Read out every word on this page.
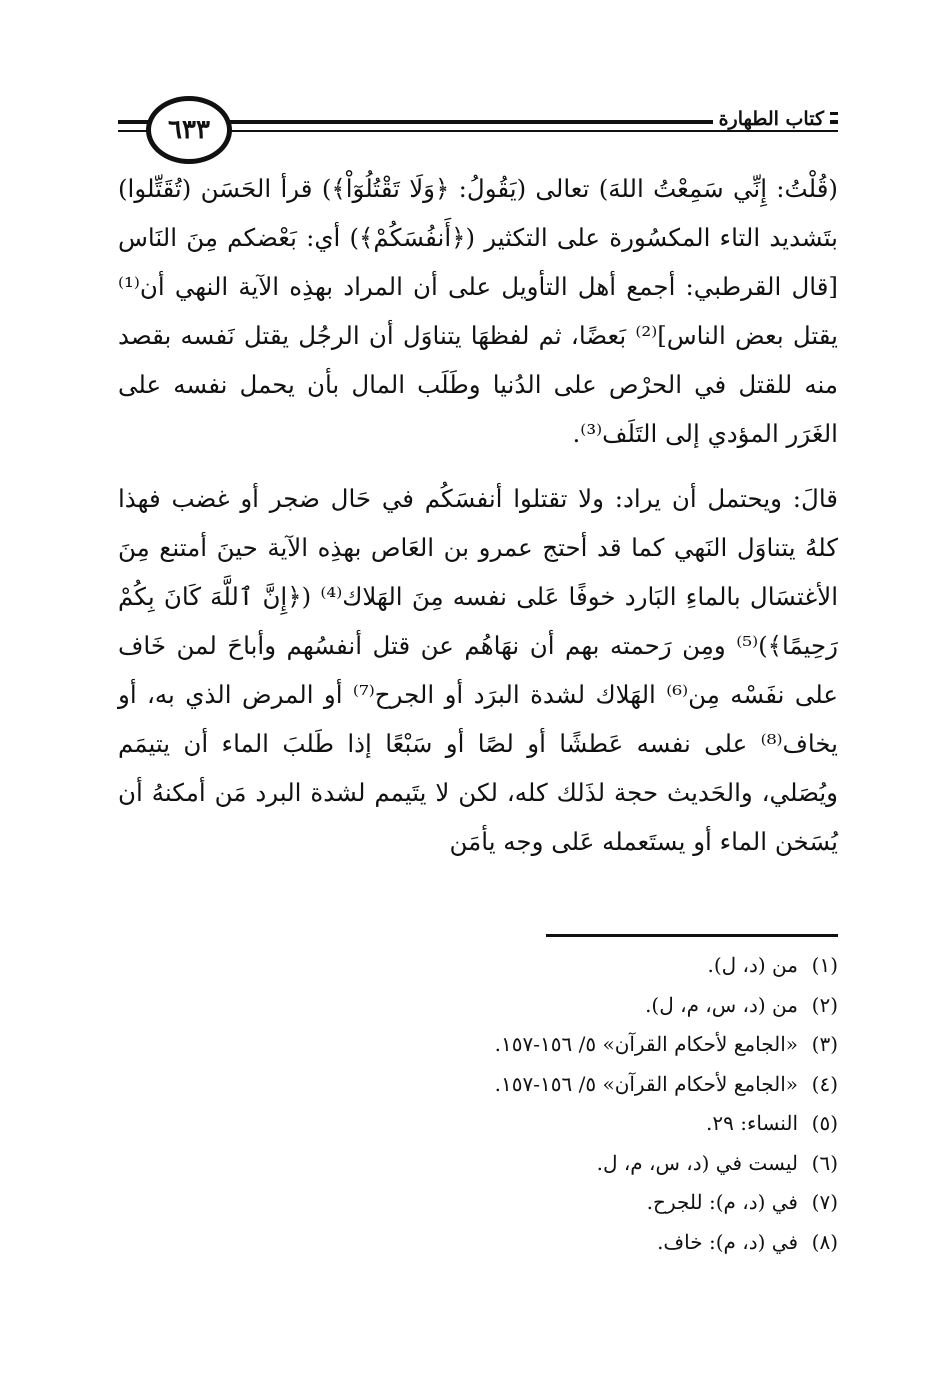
كتاب الطهارة
٦٣٣

(قُلْتُ: إِنِّي سَمِعْتُ اللهَ) تعالى (يَقُولُ: ﴿وَلَا تَقْتُلُوٓاْ﴾) قرأ الحَسَن (تُقَتِّلوا) بتَشديد التاء المكسُورة على التكثير (﴿أَنفُسَكُمْ﴾) أي: بَعْضكم مِنَ النَاس [قال القرطبي: أجمع أهل التأويل على أن المراد بهذِه الآية النهي أن⁽¹⁾ يقتل بعض الناس]⁽²⁾ بَعضًا، ثم لفظهَا يتناوَل أن الرجُل يقتل نَفسه بقصد منه للقتل في الحرْص على الدُنيا وطَلَب المال بأن يحمل نفسه على الغَرَر المؤدي إلى التَلَف⁽³⁾.

قالَ: ويحتمل أن يراد: ولا تقتلوا أنفسَكُم في حَال ضجر أو غضب فهذا كلهُ يتناوَل النَهي كما قد أحتج عمرو بن العَاص بهذِه الآية حينَ أمتنع مِنَ الأغتسَال بالماءِ البَارد خوفًا عَلى نفسه مِنَ الهَلاك⁽⁴⁾ (﴿إِنَّ ٱللَّهَ كَانَ بِكُمْ رَحِيمًا﴾)⁽⁵⁾ ومِن رَحمته بهم أن نهَاهُم عن قتل أنفسُهم وأباحَ لمن خَاف على نفَسْه مِن⁽⁶⁾ الهَلاك لشدة البرَد أو الجرح⁽⁷⁾ أو المرض الذي به، أو يخاف⁽⁸⁾ على نفسه عَطشًا أو لصًا أو سَبْعًا إذا طَلبَ الماء أن يتيمَم ويُصَلي، والحَديث حجة لذَلك كله، لكن لا يتَيمم لشدة البرد مَن أمكنهُ أن يُسَخن الماء أو يستَعمله عَلى وجه يأمَن

(١)من (د، ل).
(٢)من (د، س، م، ل).
(٣)«الجامع لأحكام القرآن» ٥/ ١٥٦-١٥٧.
(٤)«الجامع لأحكام القرآن» ٥/ ١٥٦-١٥٧.
(٥)النساء: ٢٩.
(٦)ليست في (د، س، م، ل.
(٧)في (د، م): للجرح.
(٨)في (د، م): خاف.
